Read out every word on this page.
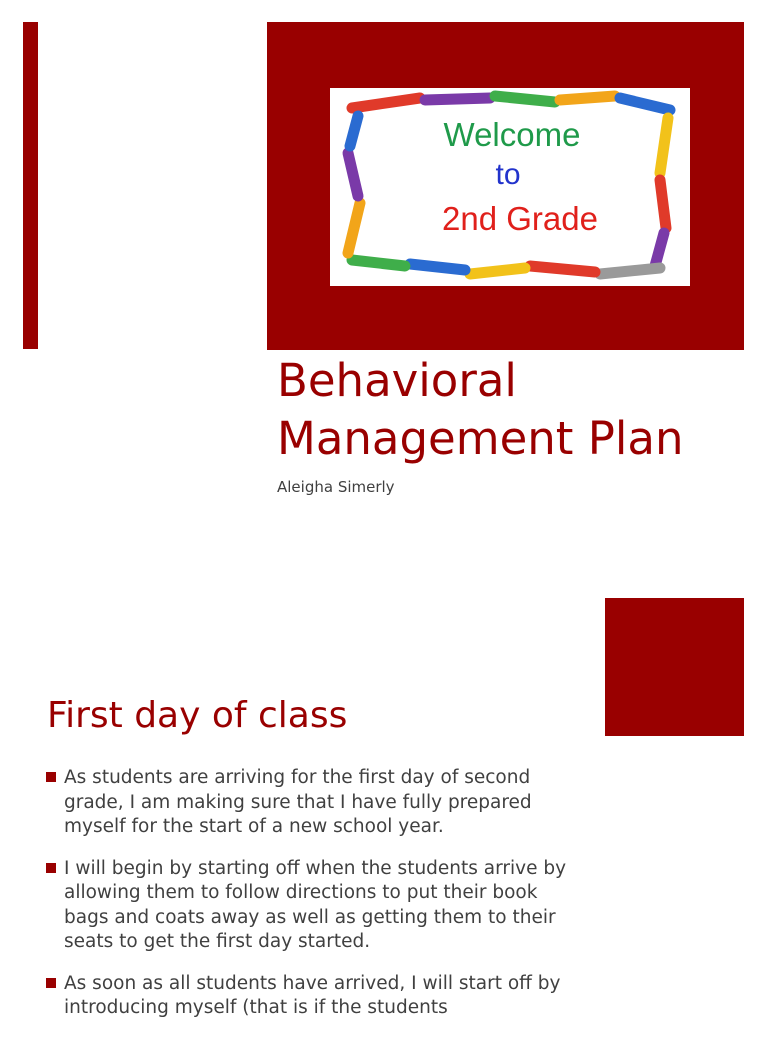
Welcome
to
2nd Grade
Behavioral
Management Plan
Aleigha Simerly
First day of class
As students are arriving for the first day of second grade, I am making sure that I have fully prepared myself for the start of a new school year.
I will begin by starting off when the students arrive by allowing them to follow directions to put their book bags and coats away as well as getting them to their seats to get the first day started.
As soon as all students have arrived, I will start off by introducing myself (that is if the students
